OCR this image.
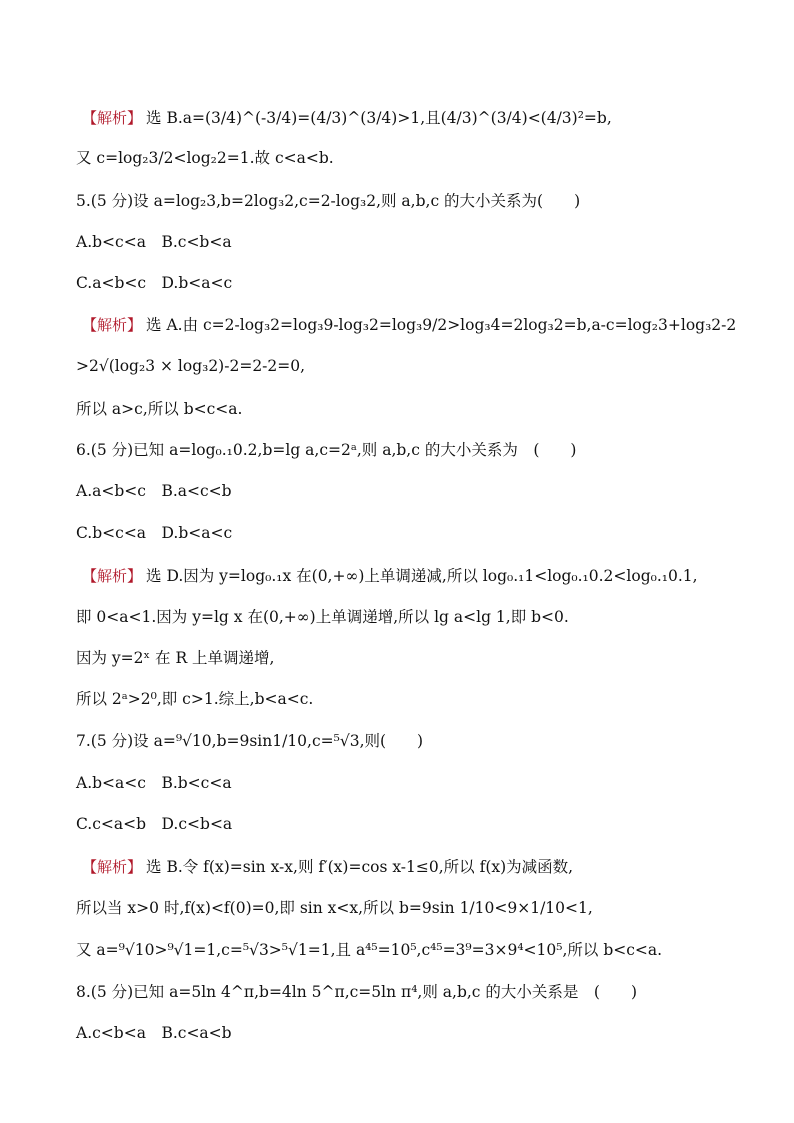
【解析】 选 B.a=(3/4)^(-3/4)=(4/3)^(3/4)>1,且(4/3)^(3/4)<(4/3)²=b,
又 c=log₂3/2<log₂2=1.故 c<a<b.
5.(5 分)设 a=log₂3,b=2log₃2,c=2-log₃2,则 a,b,c 的大小关系为(　　)
A.b<c<a　B.c<b<a
C.a<b<c　D.b<a<c
【解析】 选 A.由 c=2-log₃2=log₃9-log₃2=log₃9/2>log₃4=2log₃2=b,a-c=log₂3+log₃2-2
>2√(log₂3 × log₃2)-2=2-2=0,
所以 a>c,所以 b<c<a.
6.(5 分)已知 a=log₀.₁0.2,b=lg a,c=2ᵃ,则 a,b,c 的大小关系为　(　　)
A.a<b<c　B.a<c<b
C.b<c<a　D.b<a<c
【解析】 选 D.因为 y=log₀.₁x 在(0,+∞)上单调递减,所以 log₀.₁1<log₀.₁0.2<log₀.₁0.1,
即 0<a<1.因为 y=lg x 在(0,+∞)上单调递增,所以 lg a<lg 1,即 b<0.
因为 y=2ˣ 在 R 上单调递增,
所以 2ᵃ>2⁰,即 c>1.综上,b<a<c.
7.(5 分)设 a=⁹√10,b=9sin1/10,c=⁵√3,则(　　)
A.b<a<c　B.b<c<a
C.c<a<b　D.c<b<a
【解析】 选 B.令 f(x)=sin x-x,则 f′(x)=cos x-1≤0,所以 f(x)为减函数,
所以当 x>0 时,f(x)<f(0)=0,即 sin x<x,所以 b=9sin 1/10<9×1/10<1,
又 a=⁹√10>⁹√1=1,c=⁵√3>⁵√1=1,且 a⁴⁵=10⁵,c⁴⁵=3⁹=3×9⁴<10⁵,所以 b<c<a.
8.(5 分)已知 a=5ln 4^π,b=4ln 5^π,c=5ln π⁴,则 a,b,c 的大小关系是　(　　)
A.c<b<a　B.c<a<b
